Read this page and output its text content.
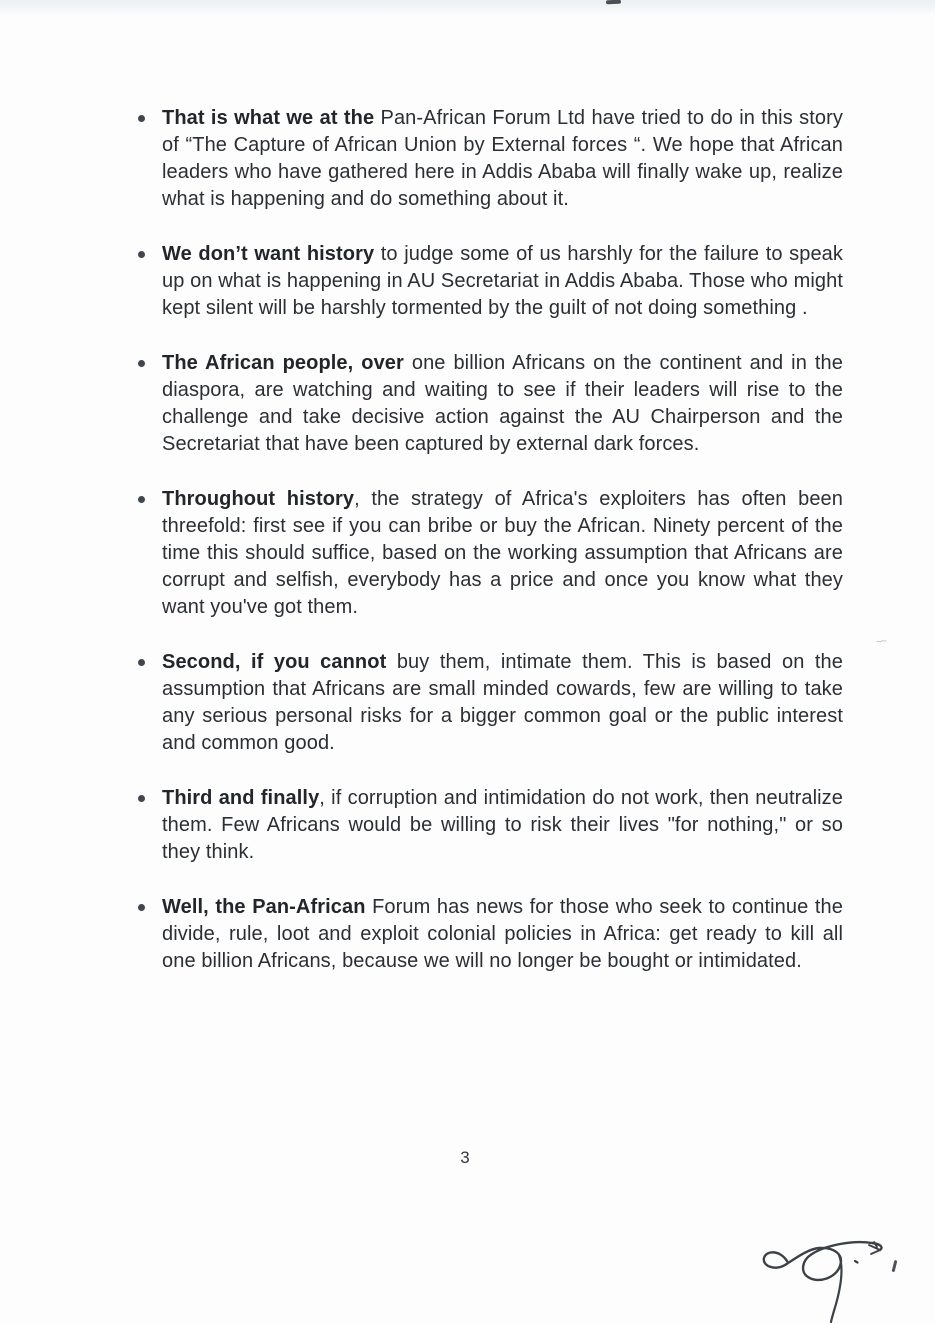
That is what we at the Pan-African Forum Ltd have tried to do in this story of “The Capture of African Union by External forces “. We hope that African leaders who have gathered here in Addis Ababa will finally wake up, realize what is happening and do something about it.
We don’t want history to judge some of us harshly for the failure to speak up on what is happening in AU Secretariat in Addis Ababa. Those who might kept silent will be harshly tormented by the guilt of not doing something .
The African people, over one billion Africans on the continent and in the diaspora, are watching and waiting to see if their leaders will rise to the challenge and take decisive action against the AU Chairperson and the Secretariat that have been captured by external dark forces.
Throughout history, the strategy of Africa's exploiters has often been threefold: first see if you can bribe or buy the African. Ninety percent of the time this should suffice, based on the working assumption that Africans are corrupt and selfish, everybody has a price and once you know what they want you've got them.
Second, if you cannot buy them, intimate them. This is based on the assumption that Africans are small minded cowards, few are willing to take any serious personal risks for a bigger common goal or the public interest and common good.
Third and finally, if corruption and intimidation do not work, then neutralize them. Few Africans would be willing to risk their lives "for nothing," or so they think.
Well, the Pan-African Forum has news for those who seek to continue the divide, rule, loot and exploit colonial policies in Africa: get ready to kill all one billion Africans, because we will no longer be bought or intimidated.
3
~~
